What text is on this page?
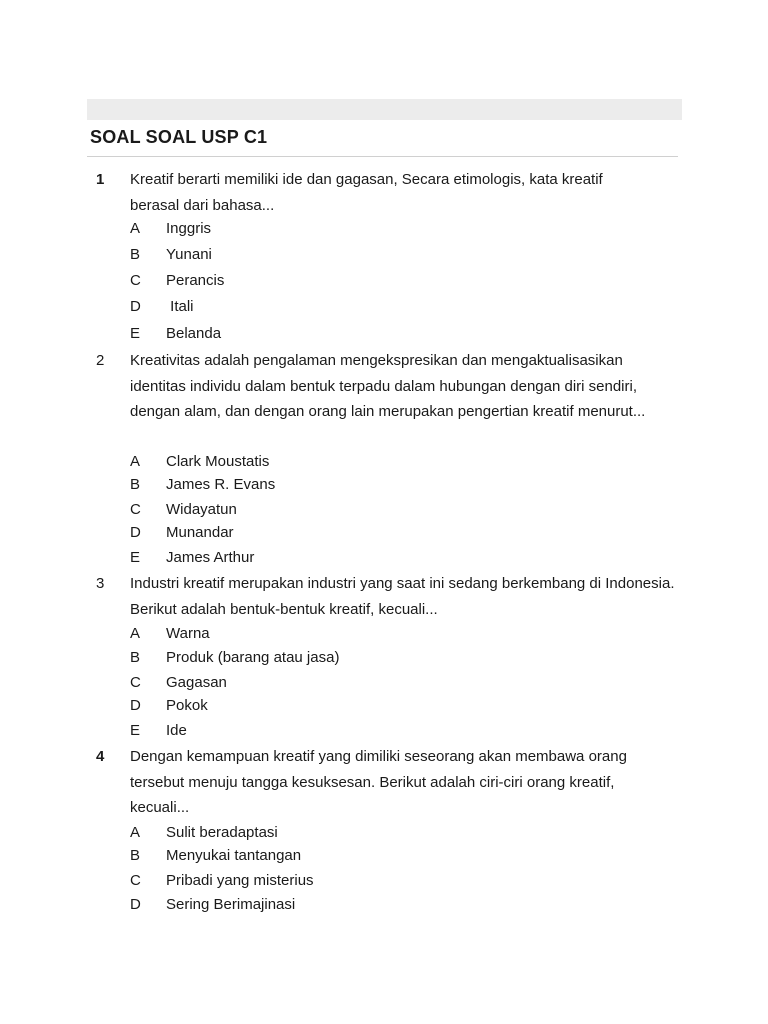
SOAL SOAL USP C1
1 Kreatif berarti memiliki ide dan gagasan, Secara etimologis, kata kreatif berasal dari bahasa...
A Inggris
B Yunani
C Perancis
D Itali
E Belanda
2 Kreativitas adalah pengalaman mengekspresikan dan mengaktualisasikan identitas individu dalam bentuk terpadu dalam hubungan dengan diri sendiri, dengan alam, dan dengan orang lain merupakan pengertian kreatif menurut...
A Clark Moustatis
B James R. Evans
C Widayatun
D Munandar
E James Arthur
3 Industri kreatif merupakan industri yang saat ini sedang berkembang di Indonesia. Berikut adalah bentuk-bentuk kreatif, kecuali...
A Warna
B Produk (barang atau jasa)
C Gagasan
D Pokok
E Ide
4 Dengan kemampuan kreatif yang dimiliki seseorang akan membawa orang tersebut menuju tangga kesuksesan. Berikut adalah ciri-ciri orang kreatif, kecuali...
A Sulit beradaptasi
B Menyukai tantangan
C Pribadi yang misterius
D Sering Berimajinasi
